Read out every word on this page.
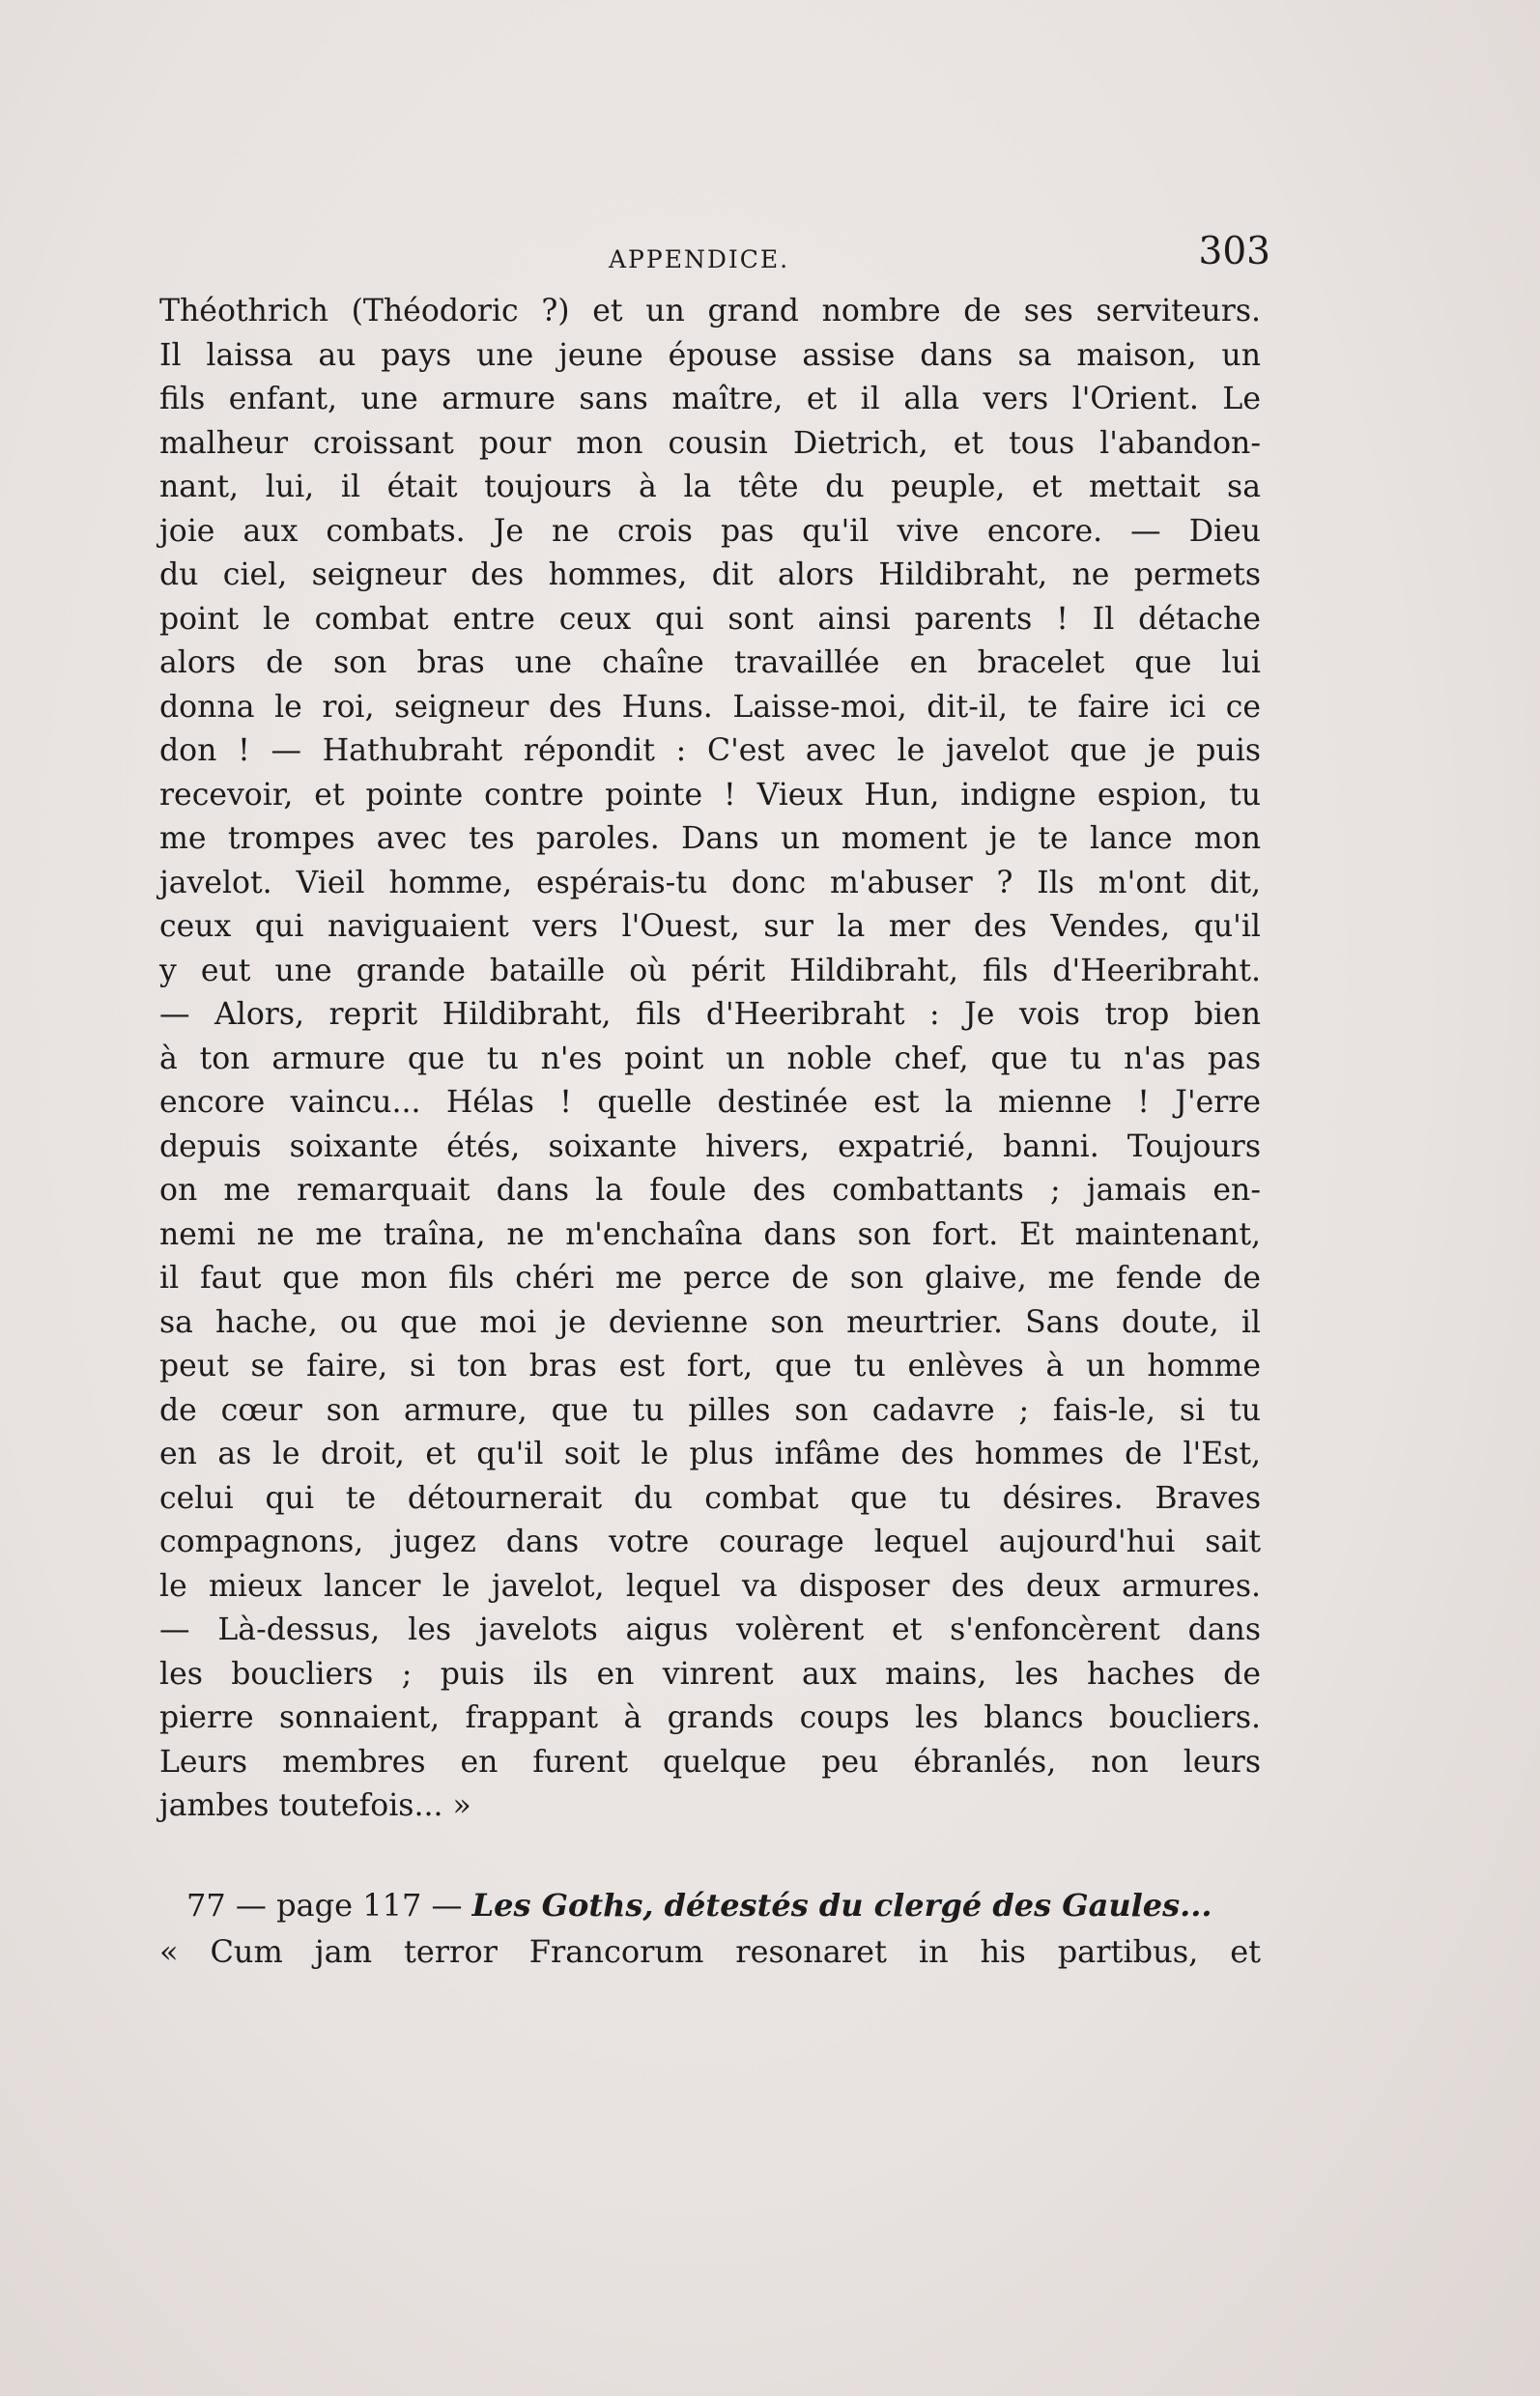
APPENDICE.	303
Théothrich (Théodoric ?) et un grand nombre de ses serviteurs.
Il laissa au pays une jeune épouse assise dans sa maison, un
fils enfant, une armure sans maître, et il alla vers l'Orient. Le
malheur croissant pour mon cousin Dietrich, et tous l'abandon-
nant, lui, il était toujours à la tête du peuple, et mettait sa
joie aux combats. Je ne crois pas qu'il vive encore. — Dieu
du ciel, seigneur des hommes, dit alors Hildibraht, ne permets
point le combat entre ceux qui sont ainsi parents ! Il détache
alors de son bras une chaîne travaillée en bracelet que lui
donna le roi, seigneur des Huns. Laisse-moi, dit-il, te faire ici ce
don ! — Hathubraht répondit : C'est avec le javelot que je puis
recevoir, et pointe contre pointe ! Vieux Hun, indigne espion, tu
me trompes avec tes paroles. Dans un moment je te lance mon
javelot. Vieil homme, espérais-tu donc m'abuser ? Ils m'ont dit,
ceux qui naviguaient vers l'Ouest, sur la mer des Vendes, qu'il
y eut une grande bataille où périt Hildibraht, fils d'Heeribraht.
— Alors, reprit Hildibraht, fils d'Heeribraht : Je vois trop bien
à ton armure que tu n'es point un noble chef, que tu n'as pas
encore vaincu... Hélas ! quelle destinée est la mienne ! J'erre
depuis soixante étés, soixante hivers, expatrié, banni. Toujours
on me remarquait dans la foule des combattants ; jamais en-
nemi ne me traîna, ne m'enchaîna dans son fort. Et maintenant,
il faut que mon fils chéri me perce de son glaive, me fende de
sa hache, ou que moi je devienne son meurtrier. Sans doute, il
peut se faire, si ton bras est fort, que tu enlèves à un homme
de cœur son armure, que tu pilles son cadavre ; fais-le, si tu
en as le droit, et qu'il soit le plus infâme des hommes de l'Est,
celui qui te détournerait du combat que tu désires. Braves
compagnons, jugez dans votre courage lequel aujourd'hui sait
le mieux lancer le javelot, lequel va disposer des deux armures.
— Là-dessus, les javelots aigus volèrent et s'enfoncèrent dans
les boucliers ; puis ils en vinrent aux mains, les haches de
pierre sonnaient, frappant à grands coups les blancs boucliers.
Leurs membres en furent quelque peu ébranlés, non leurs
jambes toutefois... »
77 — page 117 — Les Goths, détestés du clergé des Gaules...
« Cum jam terror Francorum resonaret in his partibus, et
